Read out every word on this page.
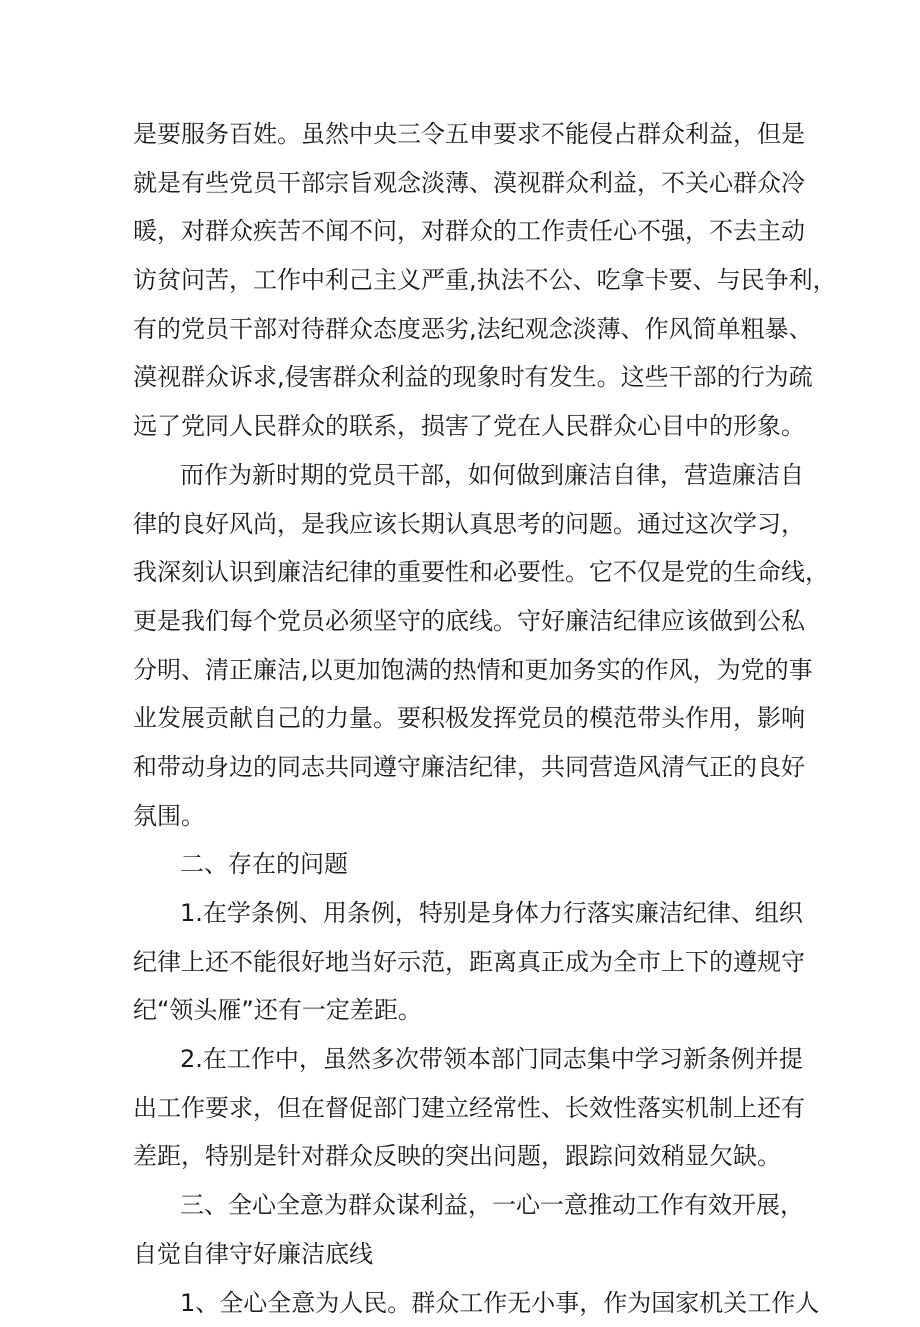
是要服务百姓。虽然中央三令五申要求不能侵占群众利益，但是
就是有些党员干部宗旨观念淡薄、漠视群众利益，不关心群众冷
暖，对群众疾苦不闻不问，对群众的工作责任心不强，不去主动
访贫问苦，工作中利己主义严重,执法不公、吃拿卡要、与民争利，
有的党员干部对待群众态度恶劣,法纪观念淡薄、作风简单粗暴、
漠视群众诉求,侵害群众利益的现象时有发生。这些干部的行为疏
远了党同人民群众的联系，损害了党在人民群众心目中的形象。
而作为新时期的党员干部，如何做到廉洁自律，营造廉洁自
律的良好风尚，是我应该长期认真思考的问题。通过这次学习，
我深刻认识到廉洁纪律的重要性和必要性。它不仅是党的生命线，
更是我们每个党员必须坚守的底线。守好廉洁纪律应该做到公私
分明、清正廉洁,以更加饱满的热情和更加务实的作风，为党的事
业发展贡献自己的力量。要积极发挥党员的模范带头作用，影响
和带动身边的同志共同遵守廉洁纪律，共同营造风清气正的良好
氛围。
二、存在的问题
1.在学条例、用条例，特别是身体力行落实廉洁纪律、组织
纪律上还不能很好地当好示范，距离真正成为全市上下的遵规守
纪“领头雁”还有一定差距。
2.在工作中，虽然多次带领本部门同志集中学习新条例并提
出工作要求，但在督促部门建立经常性、长效性落实机制上还有
差距，特别是针对群众反映的突出问题，跟踪问效稍显欠缺。
三、全心全意为群众谋利益，一心一意推动工作有效开展，
自觉自律守好廉洁底线
1、全心全意为人民。群众工作无小事，作为国家机关工作人
